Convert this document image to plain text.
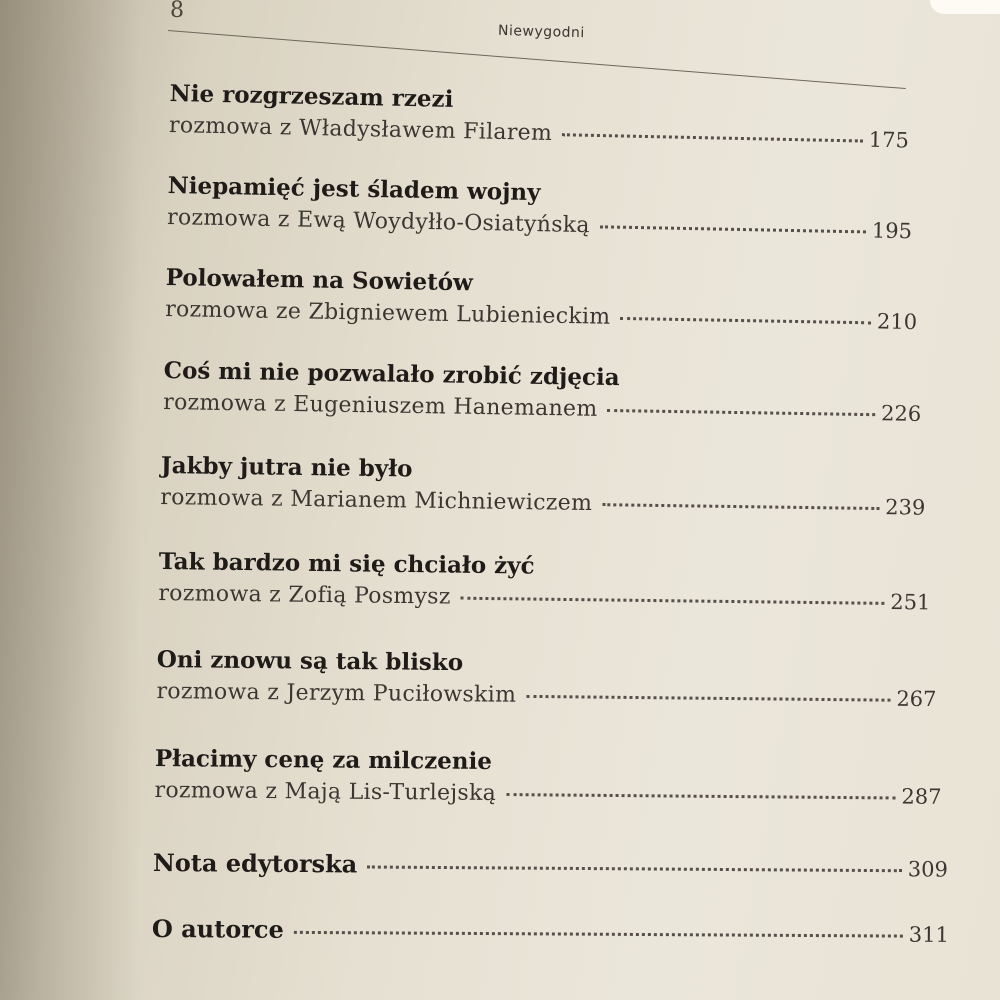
8
Niewygodni
Nie rozgrzeszam rzezi
rozmowa z Władysławem Filarem	175
Niepamięć jest śladem wojny
rozmowa z Ewą Woydyłło-Osiatyńską	195
Polowałem na Sowietów
rozmowa ze Zbigniewem Lubienieckim	210
Coś mi nie pozwalało zrobić zdjęcia
rozmowa z Eugeniuszem Hanemanem	226
Jakby jutra nie było
rozmowa z Marianem Michniewiczem	239
Tak bardzo mi się chciało żyć
rozmowa z Zofią Posmysz	251
Oni znowu są tak blisko
rozmowa z Jerzym Puciłowskim	267
Płacimy cenę za milczenie
rozmowa z Mają Lis-Turlejską	287
Nota edytorska	309
O autorce	311
